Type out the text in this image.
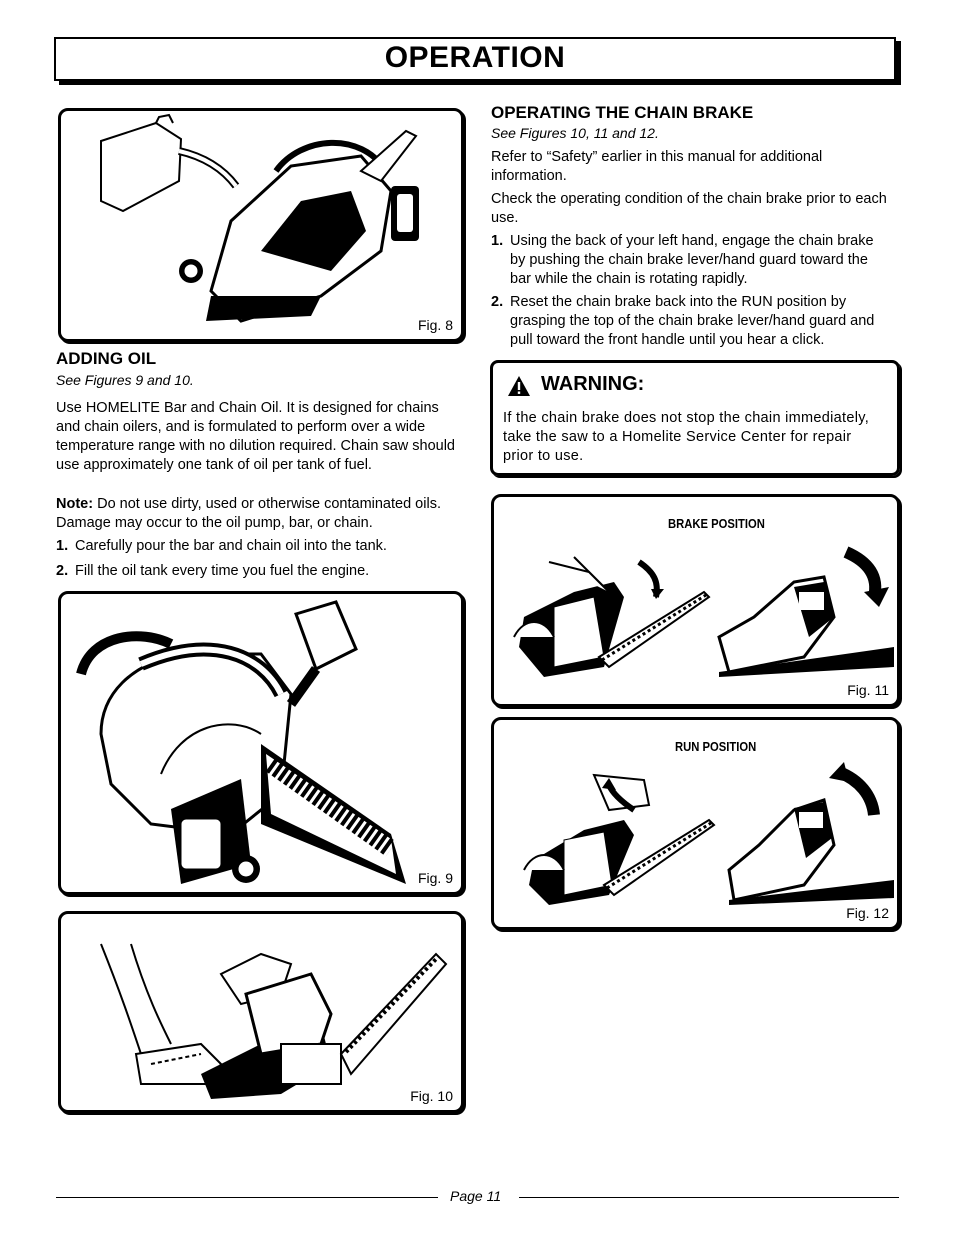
OPERATION
Fig. 8
ADDING OIL
See Figures 9 and 10.
Use HOMELITE Bar and Chain Oil. It is designed for chains and chain oilers, and is formulated to perform over a wide temperature range with no dilution required. Chain saw should use approximately one tank of oil per tank of fuel.
Note: Do not use dirty, used or otherwise contaminated oils. Damage may occur to the oil pump, bar, or chain.
1. Carefully pour the bar and chain oil into the tank.
2. Fill the oil tank every time you fuel the engine.
Fig. 9
Fig. 10
OPERATING THE CHAIN BRAKE
See Figures 10, 11 and 12.
Refer to “Safety” earlier in this manual for additional information.
Check the operating condition of the chain brake prior to each use.
1. Using the back of your left hand, engage the chain brake by pushing the chain brake lever/hand guard toward the bar while the chain is rotating rapidly.
2. Reset the chain brake back into the RUN position by grasping the top of the chain brake lever/hand guard and pull toward the front handle until you hear a click.
WARNING:
If the chain brake does not stop the chain immediately, take the saw to a Homelite Service Center for repair prior to use.
BRAKE POSITION
Fig. 11
RUN POSITION
Fig. 12
Page 11
